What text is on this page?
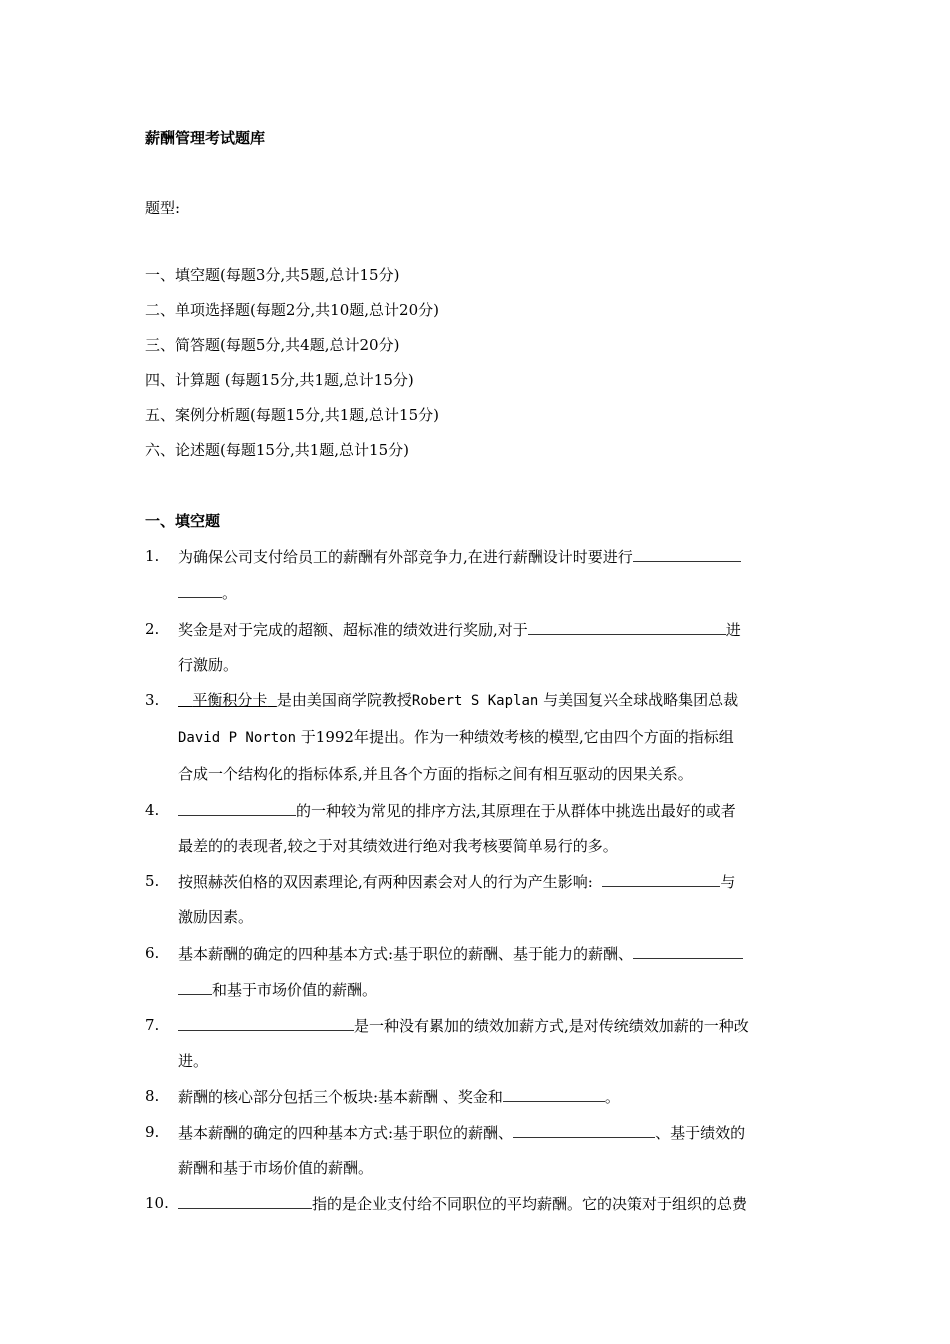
薪酬管理考试题库
题型:
一、填空题(每题3分,共5题,总计15分)
二、单项选择题(每题2分,共10题,总计20分)
三、简答题(每题5分,共4题,总计20分)
四、计算题 (每题15分,共1题,总计15分)
五、案例分析题(每题15分,共1题,总计15分)
六、论述题(每题15分,共1题,总计15分)
一、填空题
1. 为确保公司支付给员工的薪酬有外部竞争力,在进行薪酬设计时要进行
。
2. 奖金是对于完成的超额、超标准的绩效进行奖励,对于	进
行激励。
3.	平衡积分卡 是由美国商学院教授Robert S Kaplan 与美国复兴全球战略集团总裁
David P Norton 于1992年提出。作为一种绩效考核的模型,它由四个方面的指标组
合成一个结构化的指标体系,并且各个方面的指标之间有相互驱动的因果关系。
4.	的一种较为常见的排序方法,其原理在于从群体中挑选出最好的或者
最差的的表现者,较之于对其绩效进行绝对我考核要简单易行的多。
5. 按照赫茨伯格的双因素理论,有两种因素会对人的行为产生影响:	与
激励因素。
6. 基本薪酬的确定的四种基本方式:基于职位的薪酬、基于能力的薪酬、
和基于市场价值的薪酬。
7.	是一种没有累加的绩效加薪方式,是对传统绩效加薪的一种改
进。
8. 薪酬的核心部分包括三个板块:基本薪酬 、奖金和	。
9. 基本薪酬的确定的四种基本方式:基于职位的薪酬、	、基于绩效的
薪酬和基于市场价值的薪酬。
10.	指的是企业支付给不同职位的平均薪酬。它的决策对于组织的总费
